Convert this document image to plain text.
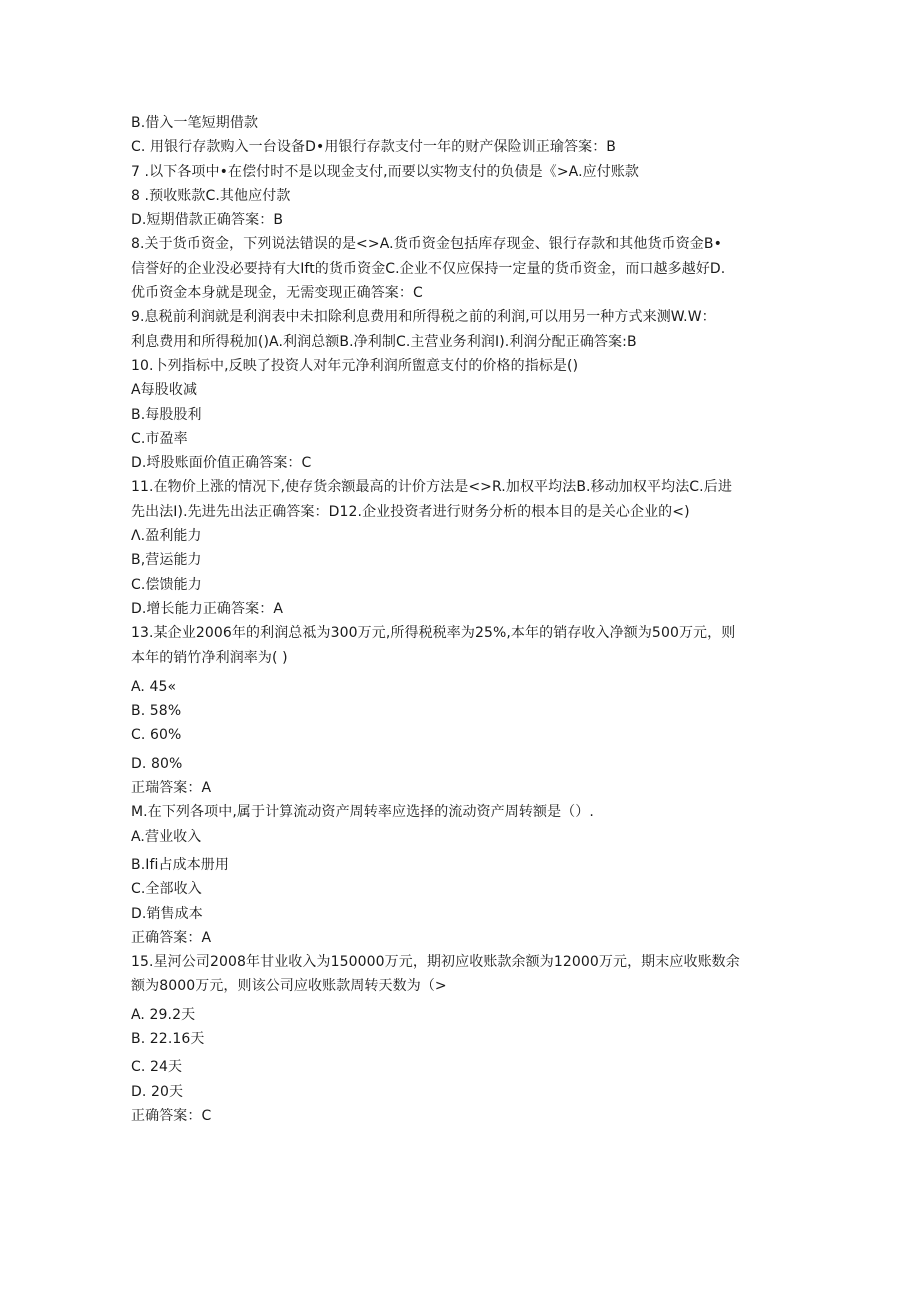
B.借入一笔短期借款
C. 用银行存款购入一台设备D•用银行存款支付一年的财产保险训正瑜答案：B
7 .以下各项中•在偿付时不是以现金支付,而要以实物支付的负债是《>A.应付账款
8 .预收账款C.其他应付款
D.短期借款正确答案：B
8.关于货币资金，下列说法错误的是<>A.货币资金包括库存现金、银行存款和其他货币资金B•
信誉好的企业没必要持有大Ift的货币资金C.企业不仅应保持一定量的货币资金，而口越多越好D.
优币资金本身就是现金，无需变现正确答案：C
9.息税前利润就是利润表中未扣除利息费用和所得税之前的利润,可以用另一种方式来测W.W：
利息费用和所得税加()A.利润总额B.净利制C.主营业务利润I).利润分配正确答案:B
10.卜列指标中,反映了投资人对年元净利润所盥意支付的价格的指标是()
A每股收减
B.每股股利
C.市盈率
D.埒股账面价值正确答案：C
11.在物价上涨的情况下,使存货余额最高的计价方法是<>R.加权平均法B.移动加权平均法C.后进
先出法I).先进先出法正确答案：D12.企业投资者进行财务分析的根本目的是关心企业的<)
Λ.盈利能力
B,营运能力
C.偿馈能力
D.增长能力正确答案：A
13.某企业2006年的利润总祗为300万元,所得税税率为25%,本年的销存收入净额为500万元，则
本年的销竹净利润率为( )
A. 45«
B. 58%
C. 60%
D. 80%
正瑞答案：A
M.在下列各项中,属于计算流动资产周转率应选择的流动资产周转额是（）.
A.营业收入
B.Ifi占成本册用
C.全部收入
D.销售成本
正确答案：A
15.星河公司2008年甘业收入为150000万元，期初应收账款余额为12000万元，期末应收账数余
额为8000万元，则该公司应收账款周转天数为（>
A. 29.2天
B. 22.16天
C. 24天
D. 20天
正确答案：C
